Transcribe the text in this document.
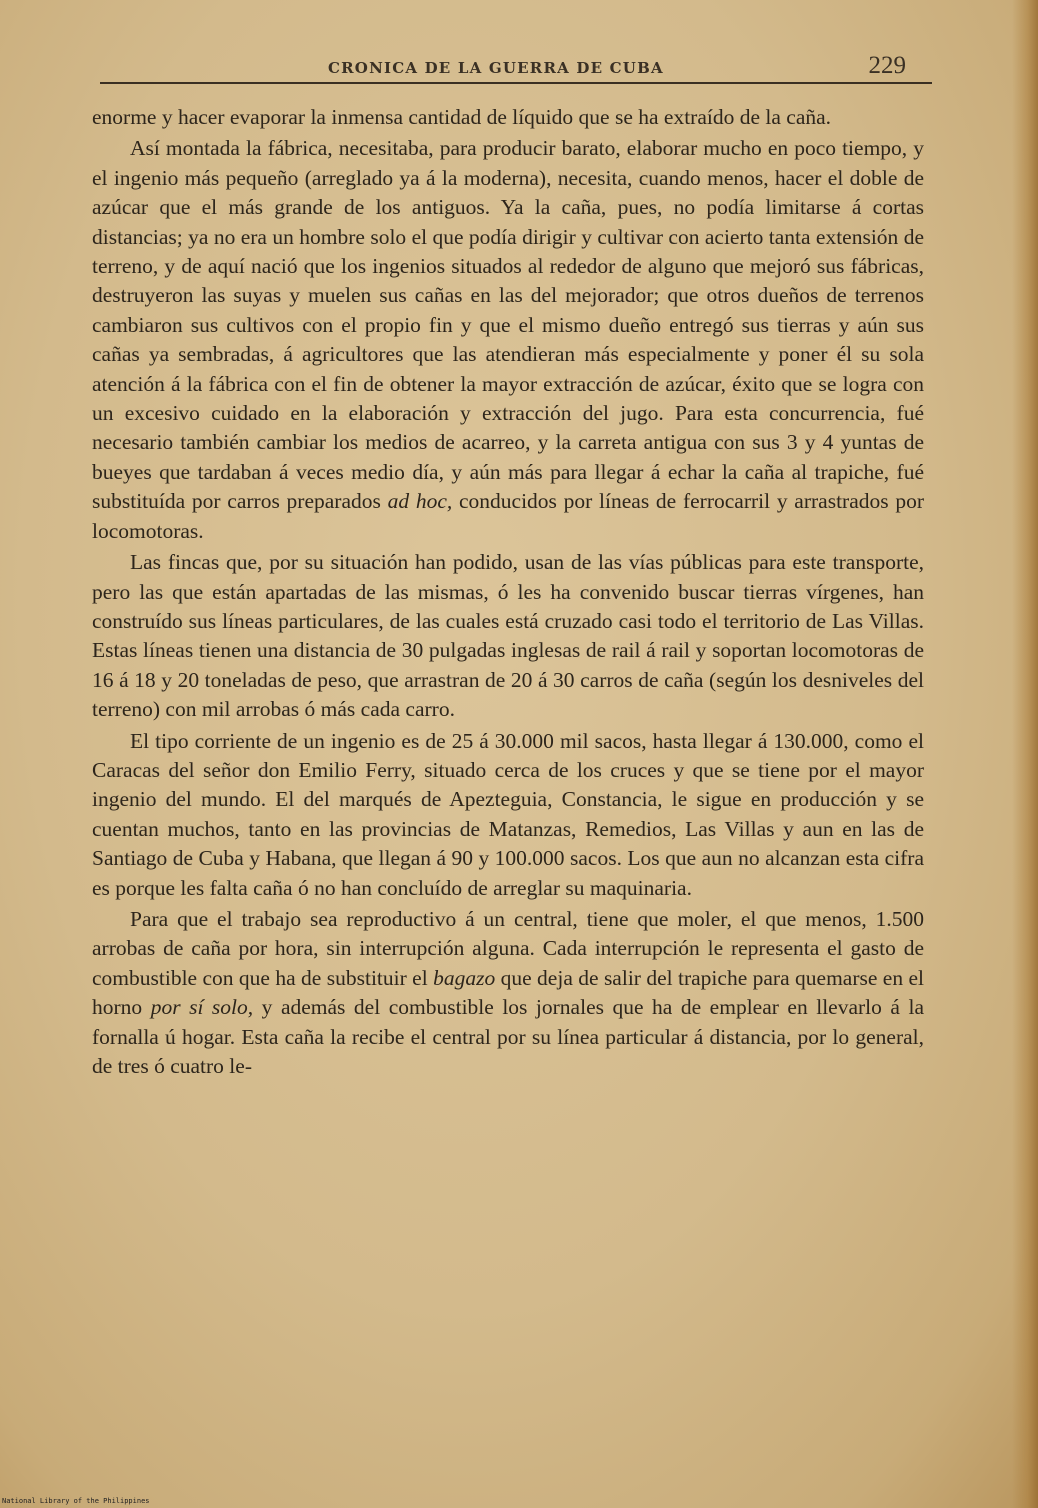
CRONICA DE LA GUERRA DE CUBA	229

enorme y hacer evaporar la inmensa cantidad de líquido que se ha extraído de la caña.

Así montada la fábrica, necesitaba, para producir barato, elaborar mucho en poco tiempo, y el ingenio más pequeño (arreglado ya á la moderna), necesita, cuando menos, hacer el doble de azúcar que el más grande de los antiguos. Ya la caña, pues, no podía limitarse á cortas distancias; ya no era un hombre solo el que podía dirigir y cultivar con acierto tanta extensión de terreno, y de aquí nació que los ingenios situados al rededor de alguno que mejoró sus fábricas, destruyeron las suyas y muelen sus cañas en las del mejorador; que otros dueños de terrenos cambiaron sus cultivos con el propio fin y que el mismo dueño entregó sus tierras y aún sus cañas ya sembradas, á agricultores que las atendieran más especialmente y poner él su sola atención á la fábrica con el fin de obtener la mayor extracción de azúcar, éxito que se logra con un excesivo cuidado en la elaboración y extracción del jugo. Para esta concurrencia, fué necesario también cambiar los medios de acarreo, y la carreta antigua con sus 3 y 4 yuntas de bueyes que tardaban á veces medio día, y aún más para llegar á echar la caña al trapiche, fué substituída por carros preparados ad hoc, conducidos por líneas de ferrocarril y arrastrados por locomotoras.

Las fincas que, por su situación han podido, usan de las vías públicas para este transporte, pero las que están apartadas de las mismas, ó les ha convenido buscar tierras vírgenes, han construído sus líneas particulares, de las cuales está cruzado casi todo el territorio de Las Villas. Estas líneas tienen una distancia de 30 pulgadas inglesas de rail á rail y soportan locomotoras de 16 á 18 y 20 toneladas de peso, que arrastran de 20 á 30 carros de caña (según los desniveles del terreno) con mil arrobas ó más cada carro.

El tipo corriente de un ingenio es de 25 á 30.000 mil sacos, hasta llegar á 130.000, como el Caracas del señor don Emilio Ferry, situado cerca de los cruces y que se tiene por el mayor ingenio del mundo. El del marqués de Apezteguia, Constancia, le sigue en producción y se cuentan muchos, tanto en las provincias de Matanzas, Remedios, Las Villas y aun en las de Santiago de Cuba y Habana, que llegan á 90 y 100.000 sacos. Los que aun no alcanzan esta cifra es porque les falta caña ó no han concluído de arreglar su maquinaria.

Para que el trabajo sea reproductivo á un central, tiene que moler, el que menos, 1.500 arrobas de caña por hora, sin interrupción alguna. Cada interrupción le representa el gasto de combustible con que ha de substituir el bagazo que deja de salir del trapiche para quemarse en el horno por sí solo, y además del combustible los jornales que ha de emplear en llevarlo á la fornalla ú hogar. Esta caña la recibe el central por su línea particular á distancia, por lo general, de tres ó cuatro le-

National Library of the Philippines
